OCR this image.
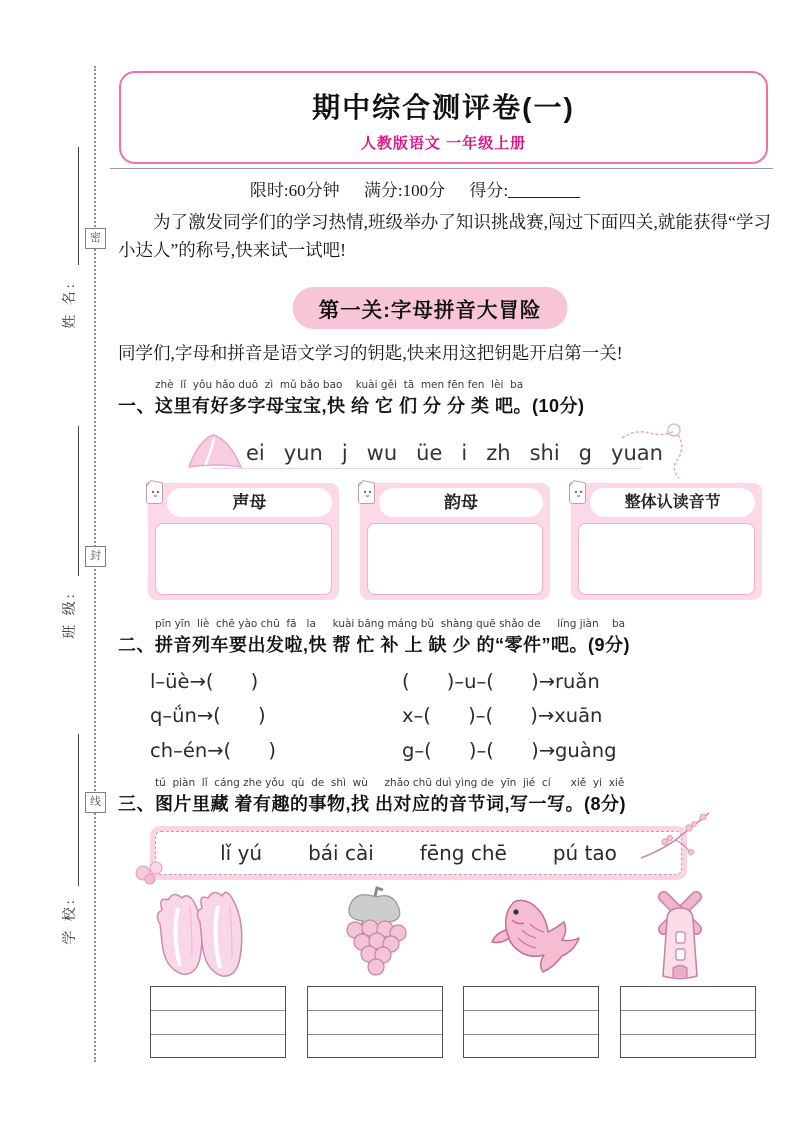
密
封
线
姓 名:
班 级:
学 校:
期中综合测评卷(一)
人教版语文 一年级上册
限时:60分钟 满分:100分 得分:
为了激发同学们的学习热情,班级举办了知识挑战赛,闯过下面四关,就能获得“学习小达人”的称号,快来试一试吧!
第一关:字母拼音大冒险
同学们,字母和拼音是语文学习的钥匙,快来用这把钥匙开启第一关!
zhè  lǐ  yǒu hǎo duō  zì  mǔ bǎo bao    kuài gěi  tā  men fēn fen  lèi  ba
一、这里有好多字母宝宝,快 给 它 们 分 分 类 吧。(10分)
ei yun j wu üe i zh shi g yuan
声母	韵母	整体认读音节
pīn yīn  liè  chē yào chū  fā   la     kuài bāng máng bǔ  shàng quē shǎo de     líng jiàn    ba
二、拼音列车要出发啦,快 帮 忙 补 上 缺 少 的“零件”吧。(9分)
l–üè→(      )	(      )–u–(      )→ruǎn
q–ǘn→(      )	x–(      )–(      )→xuān
ch–én→(      )	g–(      )–(      )→guàng
tú  piàn  lǐ  cáng zhe yǒu  qù  de  shì  wù     zhǎo chū duì yìng de  yīn  jié  cí      xiě  yi  xiě
三、图片里藏 着有趣的事物,找 出对应的音节词,写一写。(8分)
lǐ yú bái cài fēng chē pú tao
